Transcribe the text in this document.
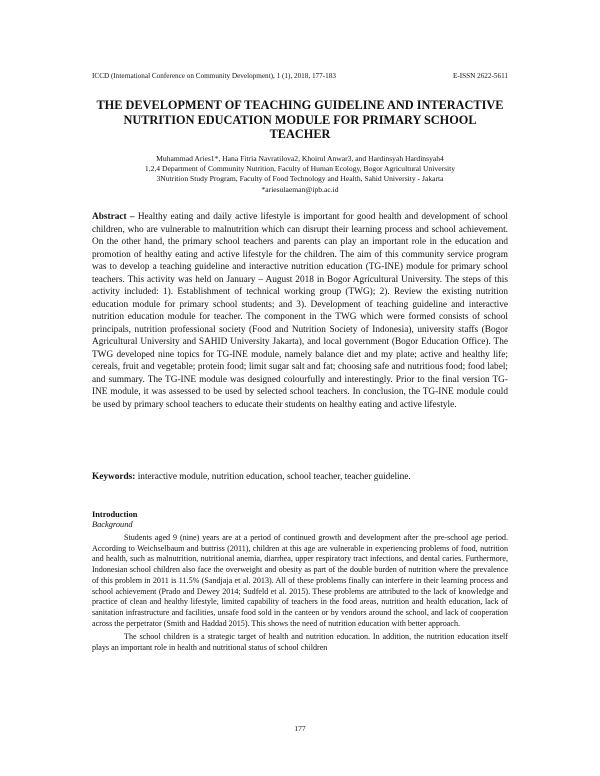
ICCD (International Conference on Community Development), 1 (1), 2018, 177-183	E-ISSN 2622-5611
THE DEVELOPMENT OF TEACHING GUIDELINE AND INTERACTIVE NUTRITION EDUCATION MODULE FOR PRIMARY SCHOOL TEACHER
Muhammad Aries1*, Hana Fitria Navratilova2, Khoirul Anwar3, and Hardinsyah Hardinsyah4
1,2,4 Department of Community Nutrition, Faculty of Human Ecology, Bogor Agricultural University
3Nutrition Study Program, Faculty of Food Technology and Health, Sahid University - Jakarta
*ariesulaeman@ipb.ac.id
Abstract – Healthy eating and daily active lifestyle is important for good health and development of school children, who are vulnerable to malnutrition which can disrupt their learning process and school achievement. On the other hand, the primary school teachers and parents can play an important role in the education and promotion of healthy eating and active lifestyle for the children. The aim of this community service program was to develop a teaching guideline and interactive nutrition education (TG-INE) module for primary school teachers. This activity was held on January – August 2018 in Bogor Agricultural University. The steps of this activity included: 1). Establishment of technical working group (TWG); 2). Review the existing nutrition education module for primary school students; and 3). Development of teaching guideline and interactive nutrition education module for teacher. The component in the TWG which were formed consists of school principals, nutrition professional society (Food and Nutrition Society of Indonesia), university staffs (Bogor Agricultural University and SAHID University Jakarta), and local government (Bogor Education Office). The TWG developed nine topics for TG-INE module, namely balance diet and my plate; active and healthy life; cereals, fruit and vegetable; protein food; limit sugar salt and fat; choosing safe and nutritious food; food label; and summary. The TG-INE module was designed colourfully and interestingly. Prior to the final version TG-INE module, it was assessed to be used by selected school teachers. In conclusion, the TG-INE module could be used by primary school teachers to educate their students on healthy eating and active lifestyle.
Keywords: interactive module, nutrition education, school teacher, teacher guideline.
Introduction
Background

Students aged 9 (nine) years are at a period of continued growth and development after the pre-school age period. According to Weichselbaum and buttriss (2011), children at this age are vulnerable in experiencing problems of food, nutrition and health, such as malnutrition, nutritional anemia, diarrhea, upper respiratory tract infections, and dental caries. Furthermore, Indonesian school children also face the overweight and obesity as part of the double burden of nutrition where the prevalence of this problem in 2011 is 11.5% (Sandjaja et al. 2013). All of these problems finally can interfere in their learning process and school achievement (Prado and Dewey 2014; Sudfeld et al. 2015). These problems are attributed to the lack of knowledge and practice of clean and healthy lifestyle, limited capability of teachers in the food areas, nutrition and health education, lack of sanitation infrastructure and facilities, unsafe food sold in the canteen or by vendors around the school, and lack of cooperation across the perpetrator (Smith and Haddad 2015). This shows the need of nutrition education with better approach.

The school children is a strategic target of health and nutrition education. In addition, the nutrition education itself plays an important role in health and nutritional status of school children

177
